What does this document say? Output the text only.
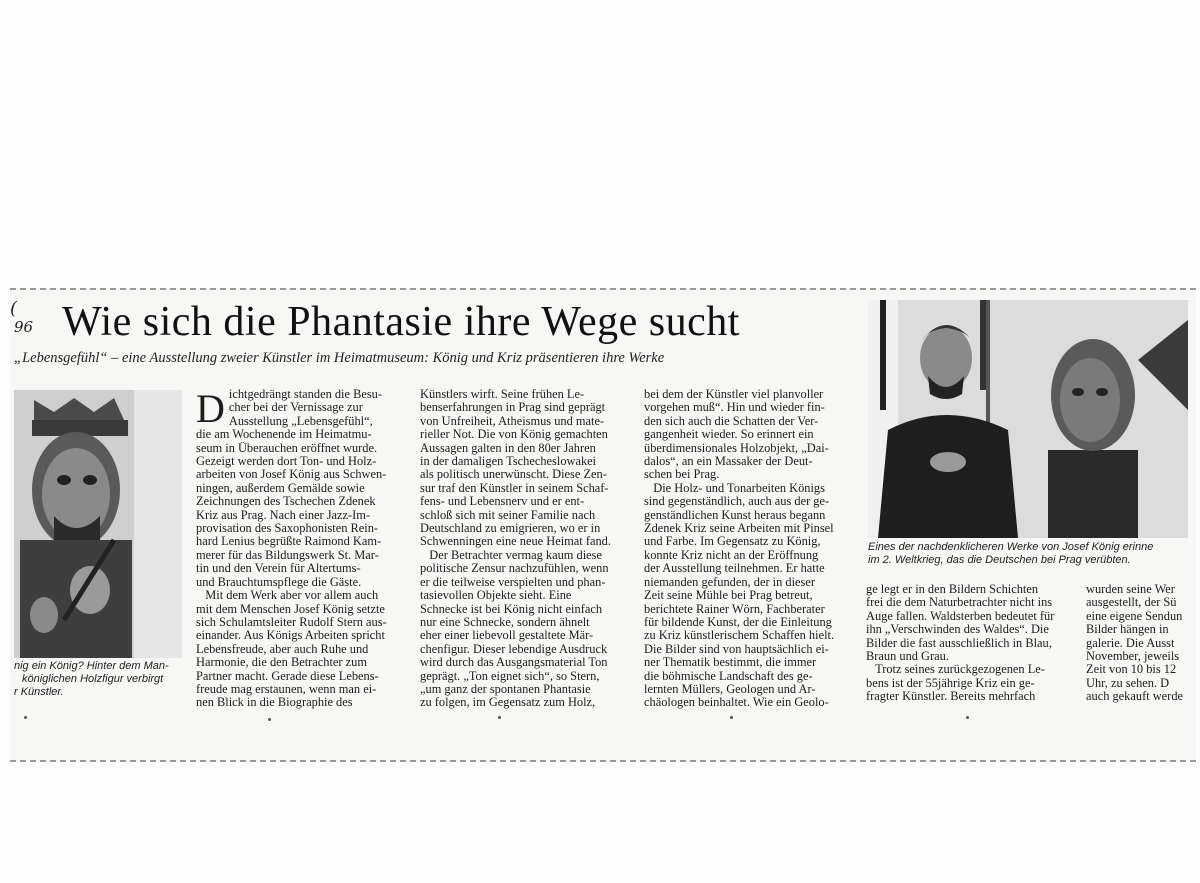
(
96 Wie sich die Phantasie ihre Wege sucht
„Lebensgefühl“ – eine Ausstellung zweier Künstler im Heimatmuseum: König und Kriz präsentieren ihre Werke
nig ein König? Hinter dem Man-
königlichen Holzfigur verbirgt
r Künstler.
Eines der nachdenklicheren Werke von Josef König erinne
im 2. Weltkrieg, das die Deutschen bei Prag verübten.
D ichtgedrängt standen die Besu-
cher bei der Vernissage zur
Ausstellung „Lebensgefühl“,
die am Wochenende im Heimatmu-
seum in Überauchen eröffnet wurde.
Gezeigt werden dort Ton- und Holz-
arbeiten von Josef König aus Schwen-
ningen, außerdem Gemälde sowie
Zeichnungen des Tschechen Zdenek
Kriz aus Prag. Nach einer Jazz-Im-
provisation des Saxophonisten Rein-
hard Lenius begrüßte Raimond Kam-
merer für das Bildungswerk St. Mar-
tin und den Verein für Altertums-
und Brauchtumspflege die Gäste.
Mit dem Werk aber vor allem auch
mit dem Menschen Josef König setzte
sich Schulamtsleiter Rudolf Stern aus-
einander. Aus Königs Arbeiten spricht
Lebensfreude, aber auch Ruhe und
Harmonie, die den Betrachter zum
Partner macht. Gerade diese Lebens-
freude mag erstaunen, wenn man ei-
nen Blick in die Biographie des
Künstlers wirft. Seine frühen Le-
benserfahrungen in Prag sind geprägt
von Unfreiheit, Atheismus und mate-
rieller Not. Die von König gemachten
Aussagen galten in den 80er Jahren
in der damaligen Tschecheslowakei
als politisch unerwünscht. Diese Zen-
sur traf den Künstler in seinem Schaf-
fens- und Lebensnerv und er ent-
schloß sich mit seiner Familie nach
Deutschland zu emigrieren, wo er in
Schwenningen eine neue Heimat fand.
Der Betrachter vermag kaum diese
politische Zensur nachzufühlen, wenn
er die teilweise verspielten und phan-
tasievollen Objekte sieht. Eine
Schnecke ist bei König nicht einfach
nur eine Schnecke, sondern ähnelt
eher einer liebevoll gestaltete Mär-
chenfigur. Dieser lebendige Ausdruck
wird durch das Ausgangsmaterial Ton
geprägt. „Ton eignet sich“, so Stern,
„um ganz der spontanen Phantasie
zu folgen, im Gegensatz zum Holz,
bei dem der Künstler viel planvoller
vorgehen muß“. Hin und wieder fin-
den sich auch die Schatten der Ver-
gangenheit wieder. So erinnert ein
überdimensionales Holzobjekt, „Dai-
dalos“, an ein Massaker der Deut-
schen bei Prag.
Die Holz- und Tonarbeiten Königs
sind gegenständlich, auch aus der ge-
genständlichen Kunst heraus begann
Zdenek Kriz seine Arbeiten mit Pinsel
und Farbe. Im Gegensatz zu König,
konnte Kriz nicht an der Eröffnung
der Ausstellung teilnehmen. Er hatte
niemanden gefunden, der in dieser
Zeit seine Mühle bei Prag betreut,
berichtete Rainer Wörn, Fachberater
für bildende Kunst, der die Einleitung
zu Kriz künstlerischem Schaffen hielt.
Die Bilder sind von hauptsächlich ei-
ner Thematik bestimmt, die immer
die böhmische Landschaft des ge-
lernten Müllers, Geologen und Ar-
chäologen beinhaltet. Wie ein Geolo-
ge legt er in den Bildern Schichten
frei die dem Naturbetrachter nicht ins
Auge fallen. Waldsterben bedeutet für
ihn „Verschwinden des Waldes“. Die
Bilder die fast ausschließlich in Blau,
Braun und Grau.
Trotz seines zurückgezogenen Le-
bens ist der 55jährige Kriz ein ge-
fragter Künstler. Bereits mehrfach
wurden seine Wer
ausgestellt, der Sü
eine eigene Sendun
Bilder hängen in
galerie. Die Ausst
November, jeweils
Zeit von 10 bis 12
Uhr, zu sehen. D
auch gekauft werde
